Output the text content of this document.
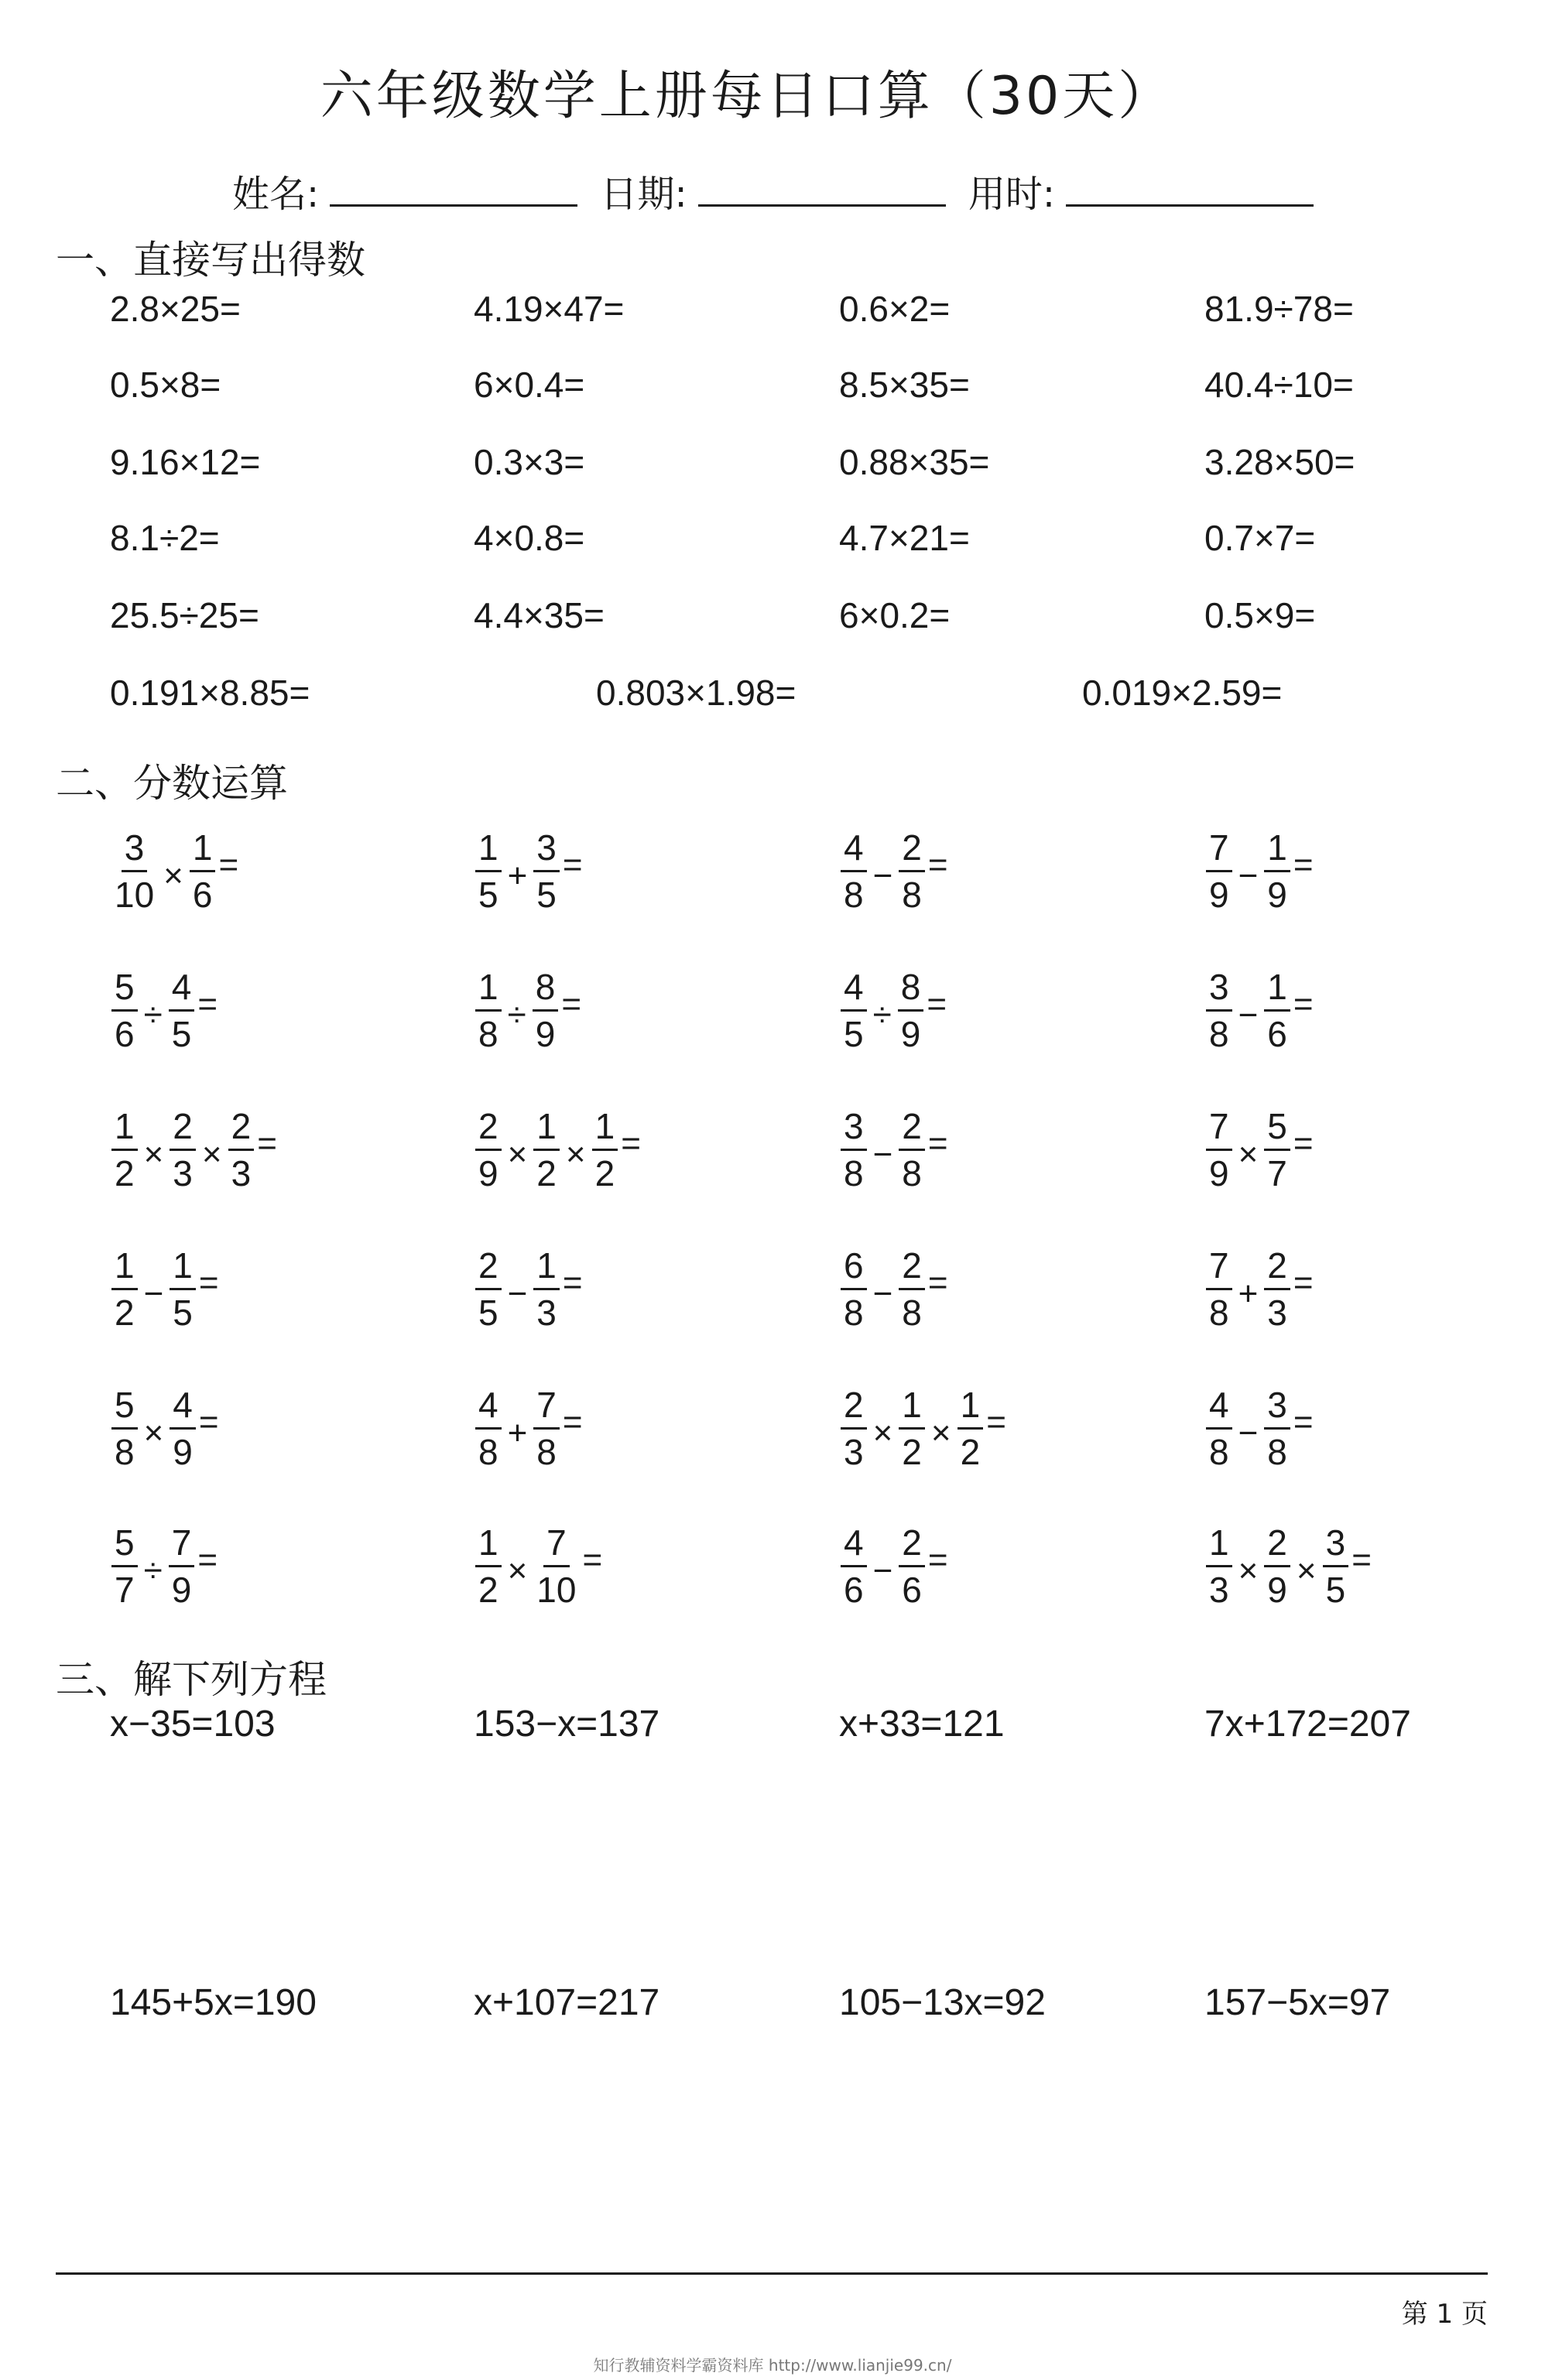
六年级数学上册每日口算（30天）
姓名:	日期:	用时:
一、直接写出得数
2.8×25=	4.19×47=	0.6×2=	81.9÷78=
0.5×8=	6×0.4=	8.5×35=	40.4÷10=
9.16×12=	0.3×3=	0.88×35=	3.28×50=
8.1÷2=	4×0.8=	4.7×21=	0.7×7=
25.5÷25=	4.4×35=	6×0.2=	0.5×9=
0.191×8.85=	0.803×1.98=	0.019×2.59=
二、分数运算
$\frac{3}{10} \times \frac{1}{6}$ =	$\frac{1}{5} + \frac{3}{5}$ =	$\frac{4}{8} - \frac{2}{8}$ =	$\frac{7}{9} - \frac{1}{9}$ =
$\frac{5}{6} \div \frac{4}{5}$ =	$\frac{1}{8} \div \frac{8}{9}$ =	$\frac{4}{5} \div \frac{8}{9}$ =	$\frac{3}{8} - \frac{1}{6}$ =
$\frac{1}{2} \times \frac{2}{3} \times \frac{2}{3}$ =	$\frac{2}{9} \times \frac{1}{2} \times \frac{1}{2}$ =	$\frac{3}{8} - \frac{2}{8}$ =	$\frac{7}{9} \times \frac{5}{7}$ =
$\frac{1}{2} - \frac{1}{5}$ =	$\frac{2}{5} - \frac{1}{3}$ =	$\frac{6}{8} - \frac{2}{8}$ =	$\frac{7}{8} + \frac{2}{3}$ =
$\frac{5}{8} \times \frac{4}{9}$ =	$\frac{4}{8} + \frac{7}{8}$ =	$\frac{2}{3} \times \frac{1}{2} \times \frac{1}{2}$ =	$\frac{4}{8} - \frac{3}{8}$ =
$\frac{5}{7} \div \frac{7}{9}$ =	$\frac{1}{2} \times \frac{7}{10}$ =	$\frac{4}{6} - \frac{2}{6}$ =	$\frac{1}{3} \times \frac{2}{9} \times \frac{3}{5}$ =
三、解下列方程
x−35=103	153−x=137	x+33=121	7x+172=207
145+5x=190	x+107=217	105−13x=92	157−5x=97
第 1 页
知行教辅资料学霸资料库 http://www.lianjie99.cn/
